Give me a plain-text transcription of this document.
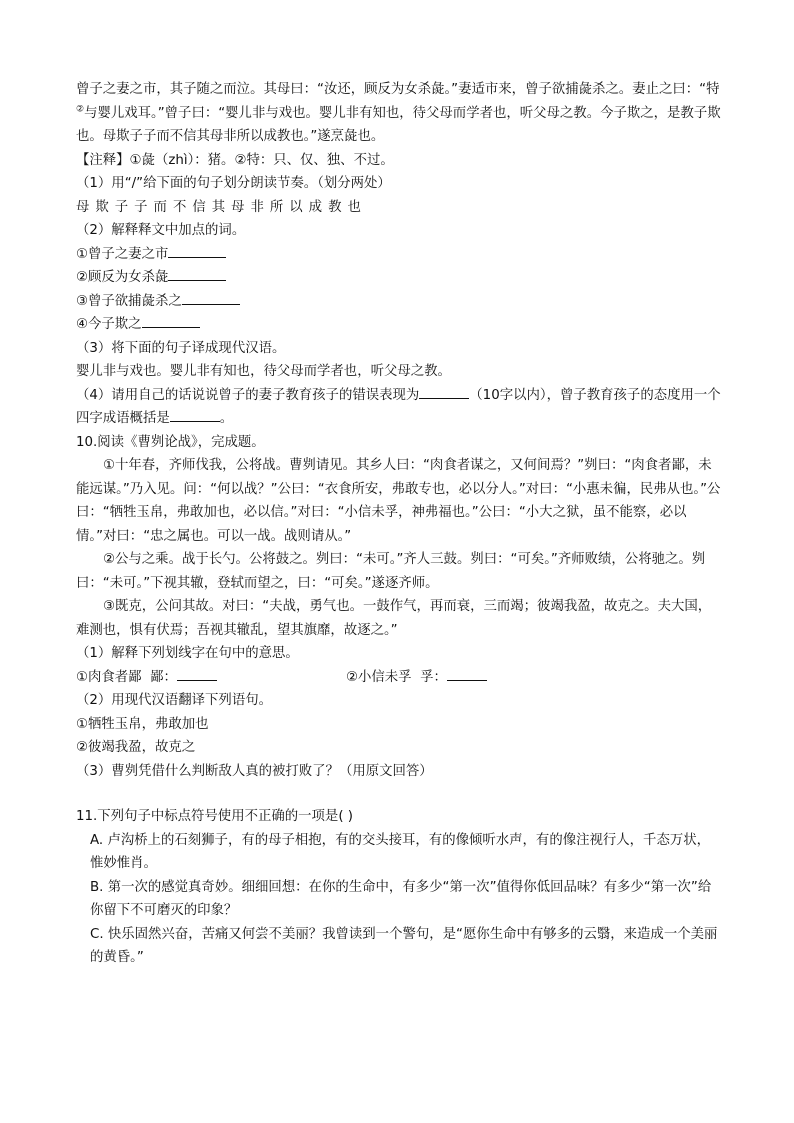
曾子之妻之市，其子随之而泣。其母曰：“汝还，顾反为女杀彘。”妻适市来，曾子欲捕彘杀之。妻止之曰：“特②与婴儿戏耳。”曾子曰：“婴儿非与戏也。婴儿非有知也，待父母而学者也，听父母之教。今子欺之，是教子欺也。母欺子子而不信其母非所以成教也。”遂烹彘也。

【注释】①彘（zhì）：猪。②特：只、仅、独、不过。

（1）用“/”给下面的句子划分朗读节奏。（划分两处）

母欺子子而不信其母非所以成教也

（2）解释释文中加点的词。

①曾子之妻之市

②顾反为女杀彘

③曾子欲捕彘杀之

④今子欺之

（3）将下面的句子译成现代汉语。

婴儿非与戏也。婴儿非有知也，待父母而学者也，听父母之教。

（4）请用自己的话说说曾子的妻子教育孩子的错误表现为	（10字以内），曾子教育孩子的态度用一个四字成语概括是	。

10.阅读《曹刿论战》，完成题。

①十年春，齐师伐我，公将战。曹刿请见。其乡人曰：“肉食者谋之，又何间焉？”刿曰：“肉食者鄙，未能远谋。”乃入见。问：“何以战？”公曰：“衣食所安，弗敢专也，必以分人。”对曰：“小惠未徧，民弗从也。”公曰：“牺牲玉帛，弗敢加也，必以信。”对曰：“小信未孚，神弗福也。”公曰：“小大之狱，虽不能察，必以情。”对曰：“忠之属也。可以一战。战则请从。”

②公与之乘。战于长勺。公将鼓之。刿曰：“未可。”齐人三鼓。刿曰：“可矣。”齐师败绩，公将驰之。刿曰：“未可。”下视其辙，登轼而望之，曰：“可矣。”遂逐齐师。

③既克，公问其故。对曰：“夫战，勇气也。一鼓作气，再而衰，三而竭；彼竭我盈，故克之。夫大国，难测也，惧有伏焉；吾视其辙乱，望其旗靡，故逐之。”

（1）解释下列划线字在句中的意思。

①肉食者鄙 鄙：	②小信未孚 孚：

（2）用现代汉语翻译下列语句。

①牺牲玉帛，弗敢加也

②彼竭我盈，故克之

（3）曹刿凭借什么判断敌人真的被打败了？（用原文回答）

11.下列句子中标点符号使用不正确的一项是( )

A. 卢沟桥上的石刻狮子，有的母子相抱，有的交头接耳，有的像倾听水声，有的像注视行人，千态万状，惟妙惟肖。

B. 第一次的感觉真奇妙。细细回想：在你的生命中，有多少“第一次”值得你低回品味？有多少“第一次”给你留下不可磨灭的印象？

C. 快乐固然兴奋，苦痛又何尝不美丽？我曾读到一个警句，是“愿你生命中有够多的云翳，来造成一个美丽的黄昏。”
